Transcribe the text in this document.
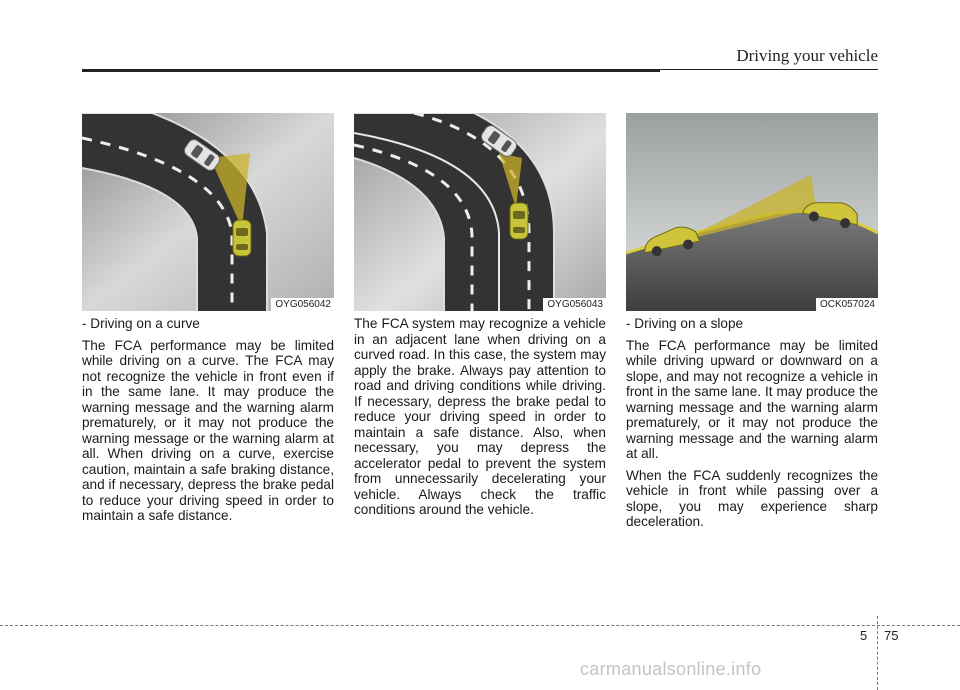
Driving your vehicle
OYG056042	OYG056043	OCK057024

- Driving on a curve

The FCA performance may be limited while driving on a curve. The FCA may not recognize the vehicle in front even if in the same lane. It may produce the warning message and the warning alarm prematurely, or it may not produce the warning message or the warning alarm at all. When driving on a curve, exercise caution, maintain a safe braking distance, and if necessary, depress the brake pedal to reduce your driving speed in order to maintain a safe distance.

The FCA system may recognize a vehicle in an adjacent lane when driving on a curved road. In this case, the system may apply the brake. Always pay attention to road and driving conditions while driving. If necessary, depress the brake pedal to reduce your driving speed in order to maintain a safe distance. Also, when necessary, you may depress the accelerator pedal to prevent the system from unnecessarily decelerating your vehicle. Always check the traffic conditions around the vehicle.

- Driving on a slope

The FCA performance may be limited while driving upward or downward on a slope, and may not recognize a vehicle in front in the same lane. It may produce the warning message and the warning alarm prematurely, or it may not produce the warning message and the warning alarm at all.

When the FCA suddenly recognizes the vehicle in front while passing over a slope, you may experience sharp deceleration.

5 75
carmanualsonline.info
